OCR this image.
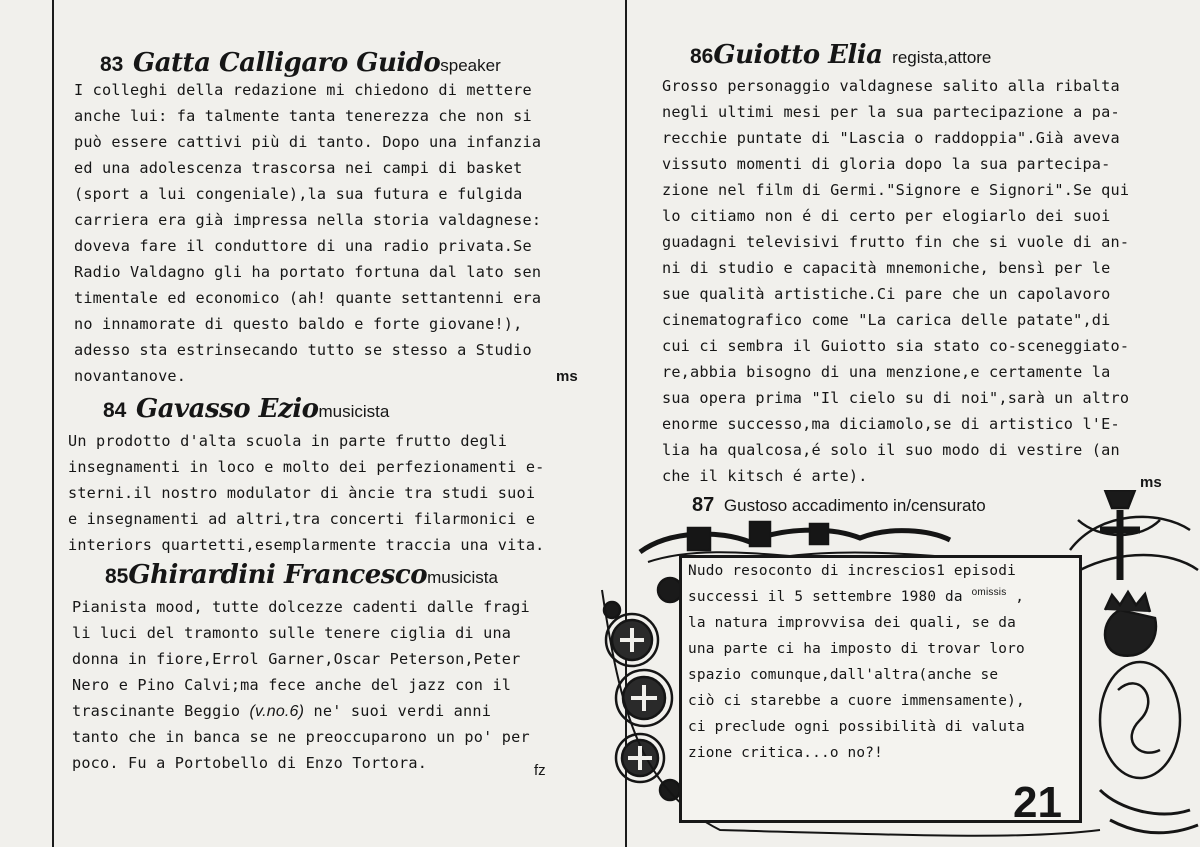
83 Gatta Calligaro Guidospeaker
I colleghi della redazione mi chiedono di mettere
anche lui: fa talmente tanta tenerezza che non si
può essere cattivi più di tanto. Dopo una infanzia
ed una adolescenza trascorsa nei campi di basket
(sport a lui congeniale),la sua futura e fulgida
carriera era già impressa nella storia valdagnese:
doveva fare il conduttore di una radio privata.Se
Radio Valdagno gli ha portato fortuna dal lato sen
timentale ed economico (ah! quante settantenni era
no innamorate di questo baldo e forte giovane!),
adesso sta estrinsecando tutto se stesso a Studio
novantanove.	ms
84 Gavasso Eziomusicista
Un prodotto d'alta scuola in parte frutto degli
insegnamenti in loco e molto dei perfezionamenti e-
sterni.il nostro modulator di àncie tra studi suoi
e insegnamenti ad altri,tra concerti filarmonici e
interiors quartetti,esemplarmente traccia una vita.
85Ghirardini Francescomusicista
Pianista mood, tutte dolcezze cadenti dalle fragi
li luci del tramonto sulle tenere ciglia di una
donna in fiore,Errol Garner,Oscar Peterson,Peter
Nero e Pino Calvi;ma fece anche del jazz con il
trascinante Beggio (v.no.6) ne' suoi verdi anni
tanto che in banca se ne preoccuparono un po' per
poco. Fu a Portobello di Enzo Tortora.	fz
86Guiotto Elia regista,attore
Grosso personaggio valdagnese salito alla ribalta
negli ultimi mesi per la sua partecipazione a pa-
recchie puntate di "Lascia o raddoppia".Già aveva
vissuto momenti di gloria dopo la sua partecipa-
zione nel film di Germi."Signore e Signori".Se qui
lo citiamo non é di certo per elogiarlo dei suoi
guadagni televisivi frutto fin che si vuole di an-
ni di studio e capacità mnemoniche, bensì per le
sue qualità artistiche.Ci pare che un capolavoro
cinematografico come "La carica delle patate",di
cui ci sembra il Guiotto sia stato co-sceneggiato-
re,abbia bisogno di una menzione,e certamente la
sua opera prima "Il cielo su di noi",sarà un altro
enorme successo,ma diciamolo,se di artistico l'E-
lia ha qualcosa,é solo il suo modo di vestire (an
che il kitsch é arte).	ms
87 Gustoso accadimento in/censurato
Nudo resoconto di increscios1 episodi
successi il 5 settembre 1980 da $^{omissis}$ ,
la natura improvvisa dei quali, se da
una parte ci ha imposto di trovar loro
spazio comunque,dall'altra(anche se
ciò ci starebbe a cuore immensamente),
ci preclude ogni possibilità di valuta
zione critica...o no?!
21
